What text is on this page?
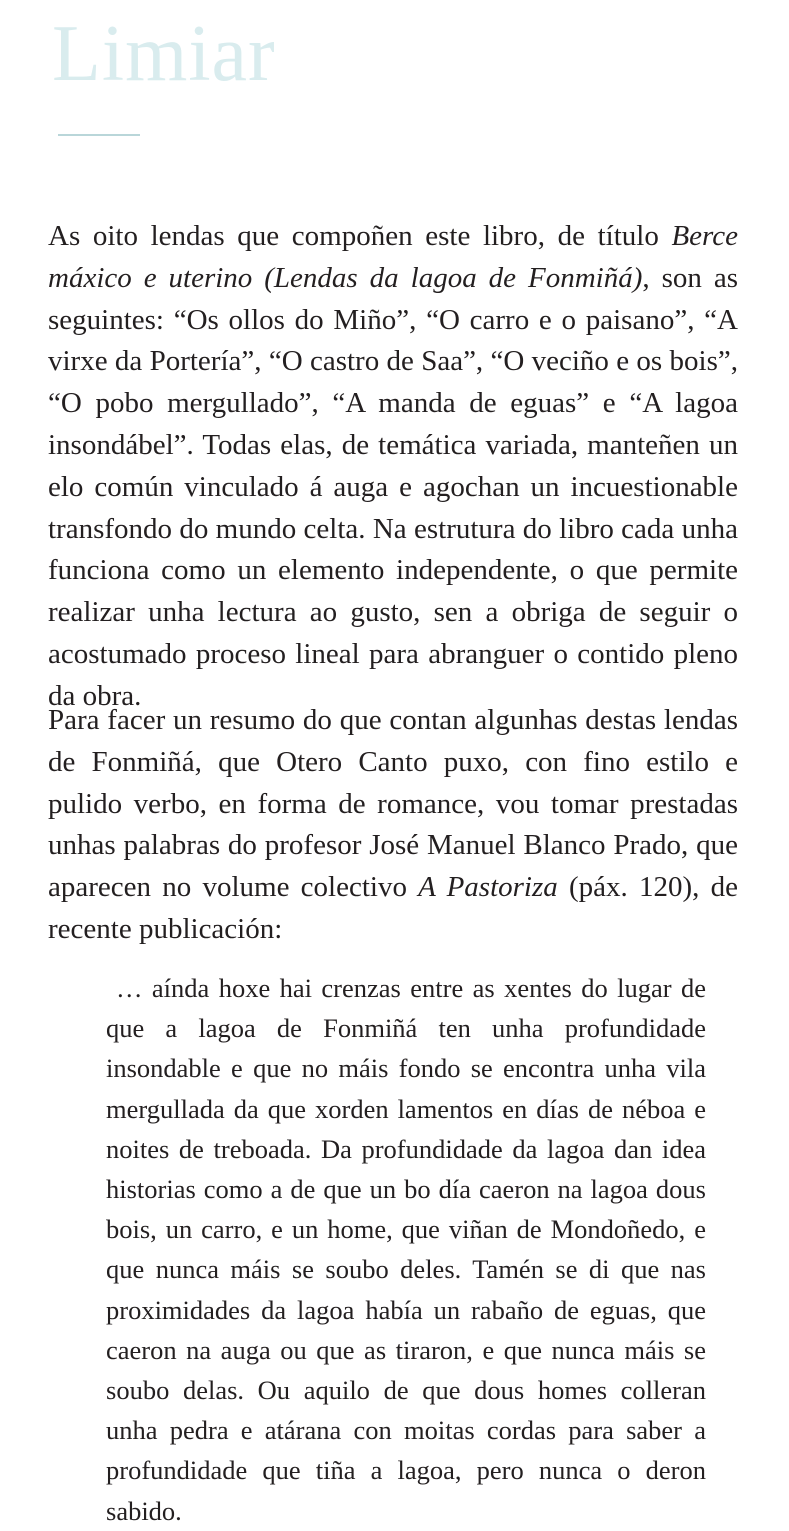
Limiar

As oito lendas que compoñen este libro, de título Berce máxico e uterino (Lendas da lagoa de Fonmiñá), son as seguintes: “Os ollos do Miño”, “O carro e o paisano”, “A virxe da Portería”, “O castro de Saa”, “O veciño e os bois”, “O pobo mergullado”, “A manda de eguas” e “A lagoa insondábel”. Todas elas, de temática variada, manteñen un elo común vinculado á auga e agochan un incuestionable transfondo do mundo celta. Na estrutura do libro cada unha funciona como un elemento independente, o que permite realizar unha lectura ao gusto, sen a obriga de seguir o acostumado proceso lineal para abranguer o contido pleno da obra.

Para facer un resumo do que contan algunhas destas lendas de Fonmiñá, que Otero Canto puxo, con fino estilo e pulido verbo, en forma de romance, vou tomar prestadas unhas palabras do profesor José Manuel Blanco Prado, que aparecen no volume colectivo A Pastoriza (páx. 120), de recente publicación:

… aínda hoxe hai crenzas entre as xentes do lugar de que a lagoa de Fonmiñá ten unha profundidade insondable e que no máis fondo se encontra unha vila mergullada da que xorden lamentos en días de néboa e noites de treboada. Da profundidade da lagoa dan idea historias como a de que un bo día caeron na lagoa dous bois, un carro, e un home, que viñan de Mondoñedo, e que nunca máis se soubo deles. Tamén se di que nas proximidades da lagoa había un rabaño de eguas, que caeron na auga ou que as tiraron, e que nunca máis se soubo delas. Ou aquilo de que dous homes colleran unha pedra e atárana con moitas cordas para saber a profundidade que tiña a lagoa, pero nunca o deron sabido.
